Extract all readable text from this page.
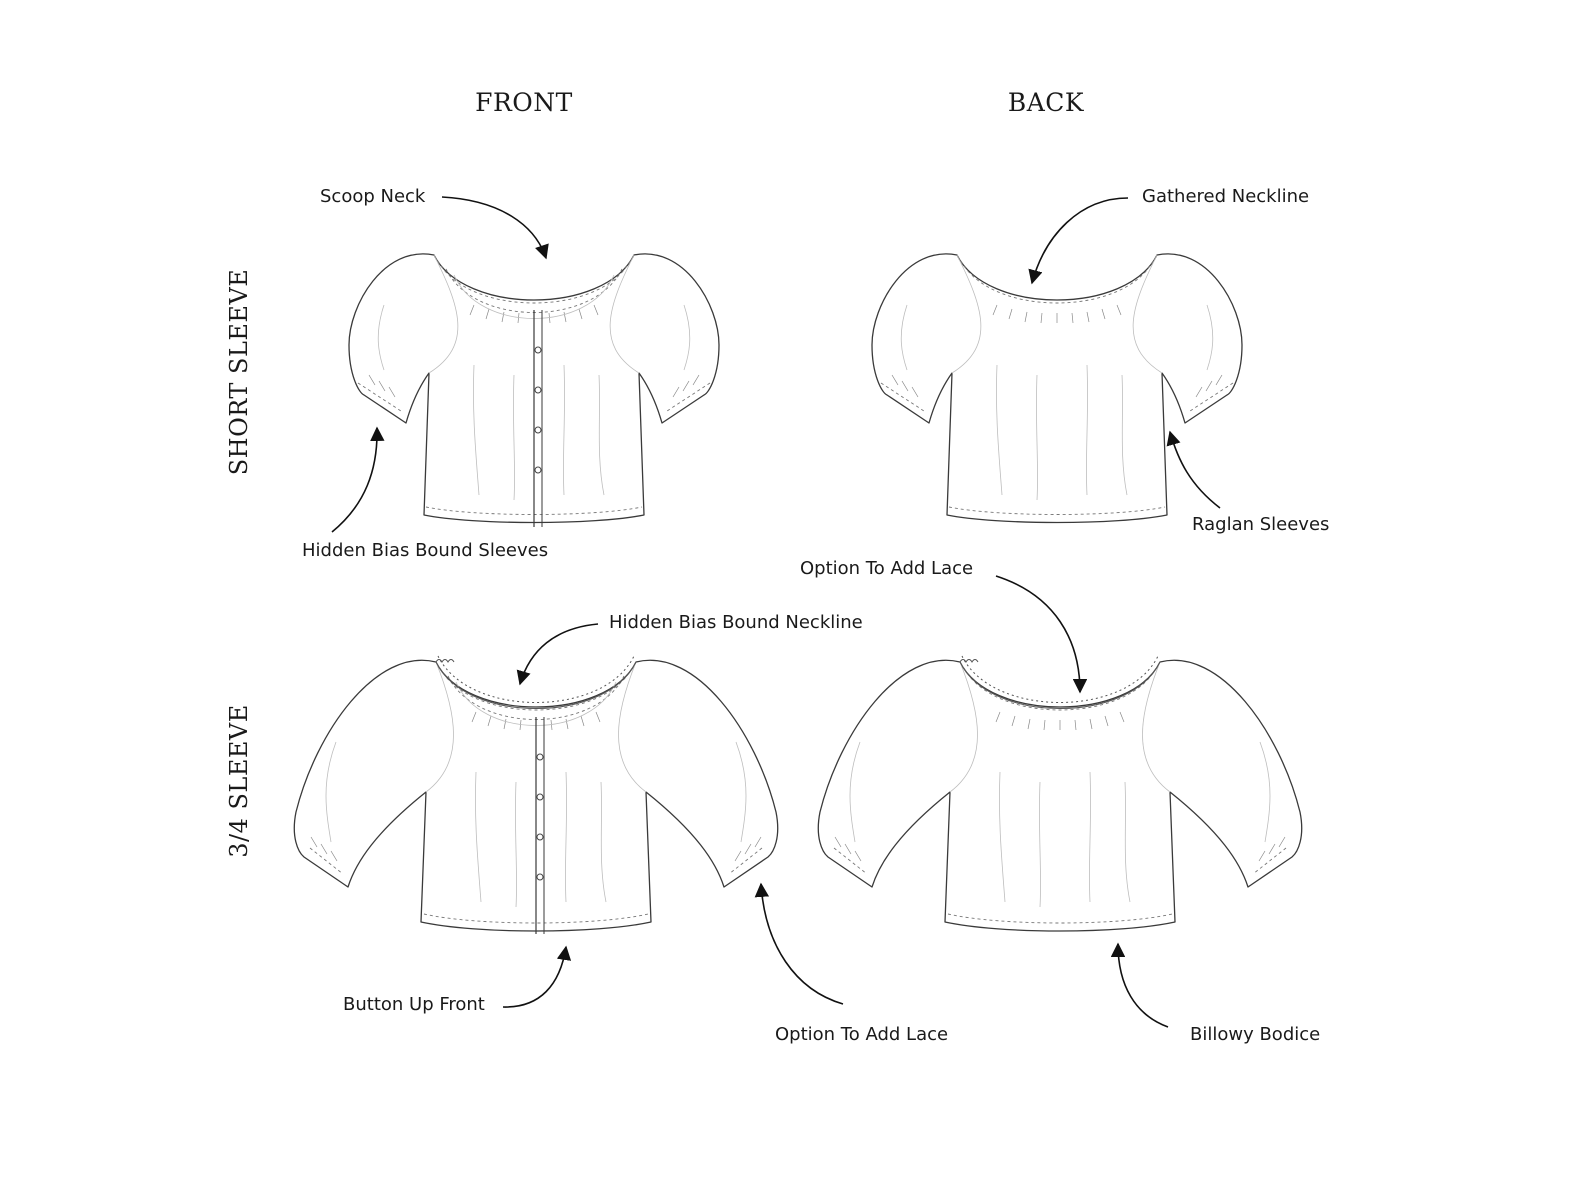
FRONT	BACK
SHORT SLEEVE
3/4 SLEEVE
Scoop Neck	Gathered Neckline
Hidden Bias Bound Sleeves
Raglan Sleeves
Option To Add Lace
Hidden Bias Bound Neckline
Button Up Front
Option To Add Lace	Billowy Bodice
